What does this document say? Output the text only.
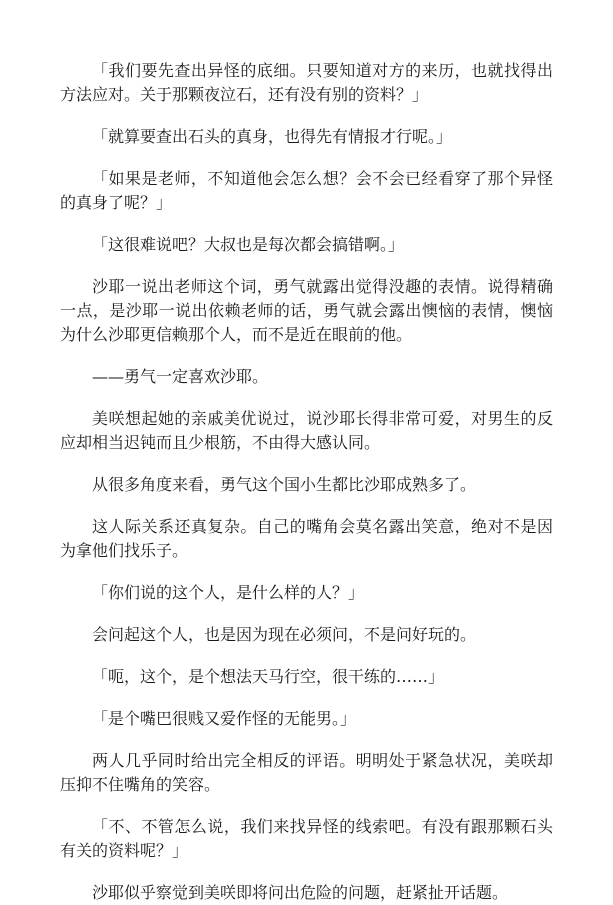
「我们要先查出异怪的底细。只要知道对方的来历，也就找得出方法应对。关于那颗夜泣石，还有没有别的资料？」

「就算要查出石头的真身，也得先有情报才行呢。」

「如果是老师，不知道他会怎么想？会不会已经看穿了那个异怪的真身了呢？」

「这很难说吧？大叔也是每次都会搞错啊。」

沙耶一说出老师这个词，勇气就露出觉得没趣的表情。说得精确一点，是沙耶一说出依赖老师的话，勇气就会露出懊恼的表情，懊恼为什么沙耶更信赖那个人，而不是近在眼前的他。

——勇气一定喜欢沙耶。

美咲想起她的亲戚美优说过，说沙耶长得非常可爱，对男生的反应却相当迟钝而且少根筋，不由得大感认同。

从很多角度来看，勇气这个国小生都比沙耶成熟多了。

这人际关系还真复杂。自己的嘴角会莫名露出笑意，绝对不是因为拿他们找乐子。

「你们说的这个人，是什么样的人？」

会问起这个人，也是因为现在必须问，不是问好玩的。

「呃，这个，是个想法天马行空，很干练的……」

「是个嘴巴很贱又爱作怪的无能男。」

两人几乎同时给出完全相反的评语。明明处于紧急状况，美咲却压抑不住嘴角的笑容。

「不、不管怎么说，我们来找异怪的线索吧。有没有跟那颗石头有关的资料呢？」

沙耶似乎察觉到美咲即将问出危险的问题，赶紧扯开话题。
